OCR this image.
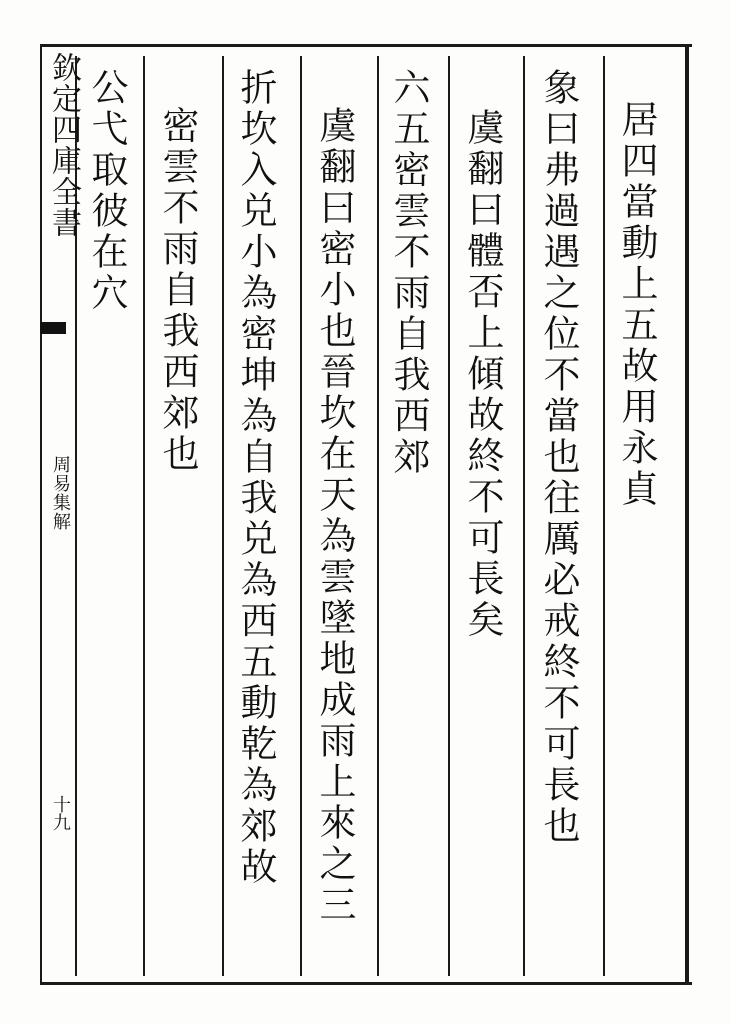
欽定四庫全書
周易集解
十九
居四當動上五故用永貞
象曰弗過遇之位不當也往厲必戒終不可長也
虞翻曰體否上傾故終不可長矣
六五密雲不雨自我西郊
虞翻曰密小也晉坎在天為雲墜地成雨上來之三
折坎入兑小為密坤為自我兑為西五動乾為郊故
密雲不雨自我西郊也
公弋取彼在穴
